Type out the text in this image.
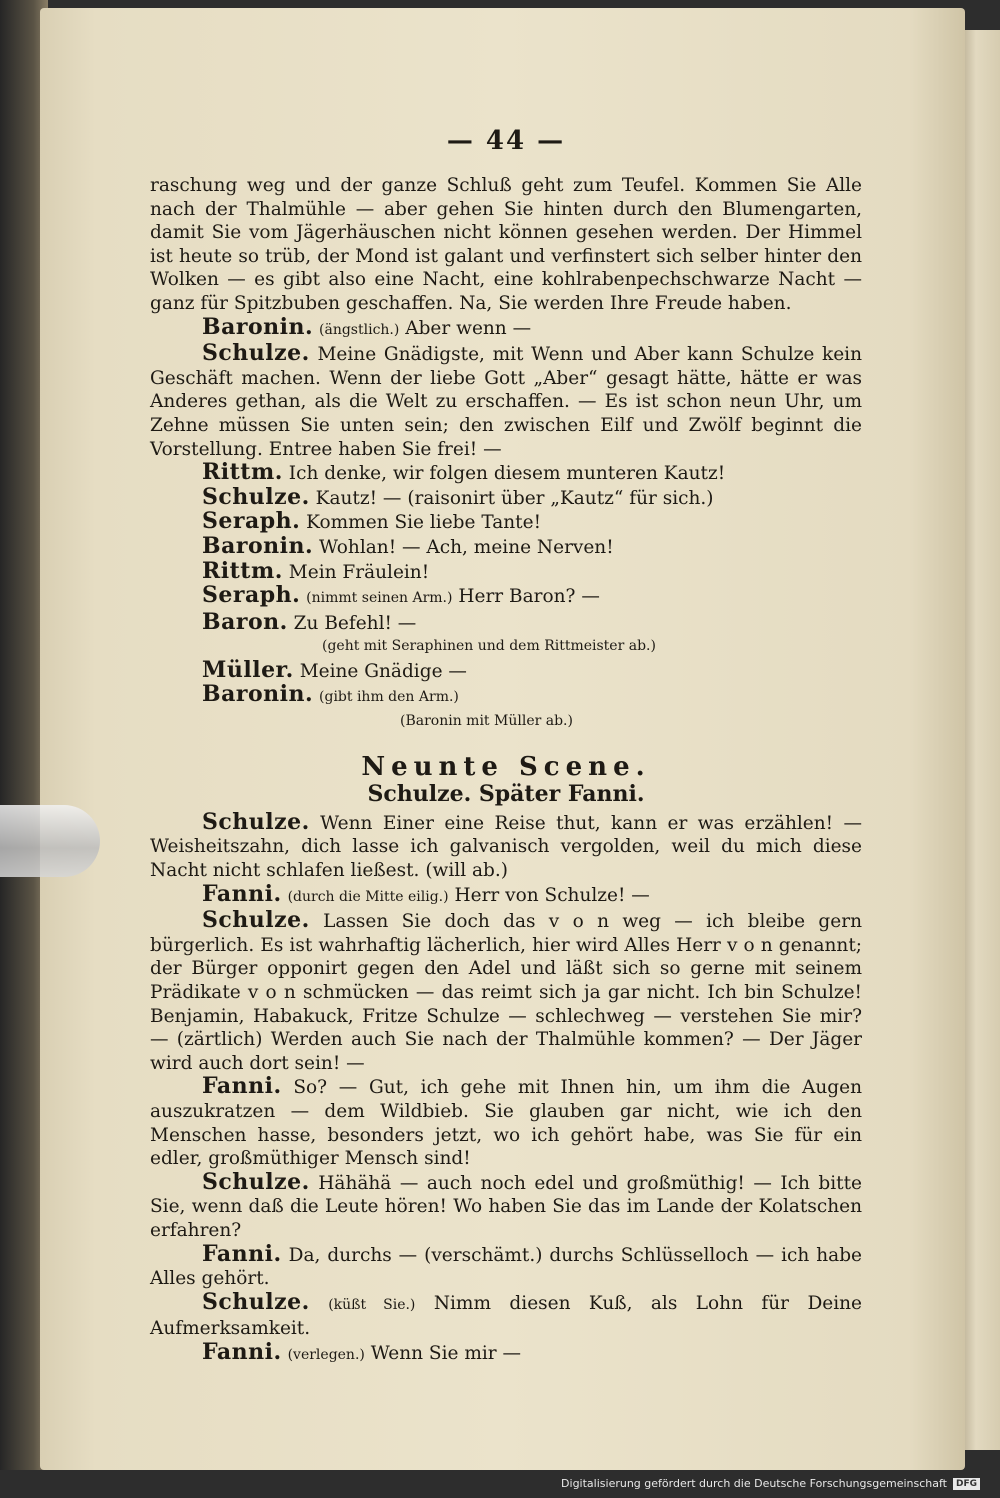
— 44 —

raschung weg und der ganze Schluß geht zum Teufel. Kommen Sie Alle nach der Thalmühle — aber gehen Sie hinten durch den Blumengarten, damit Sie vom Jägerhäuschen nicht können gesehen werden. Der Himmel ist heute so trüb, der Mond ist galant und verfinstert sich selber hinter den Wolken — es gibt also eine Nacht, eine kohlrabenpechschwarze Nacht — ganz für Spitzbuben geschaffen. Na, Sie werden Ihre Freude haben.

Baronin. (ängstlich.) Aber wenn —

Schulze. Meine Gnädigste, mit Wenn und Aber kann Schulze kein Geschäft machen. Wenn der liebe Gott „Aber“ gesagt hätte, hätte er was Anderes gethan, als die Welt zu erschaffen. — Es ist schon neun Uhr, um Zehne müssen Sie unten sein; den zwischen Eilf und Zwölf beginnt die Vorstellung. Entree haben Sie frei! —

Rittm. Ich denke, wir folgen diesem munteren Kautz!

Schulze. Kautz! — (raisonirt über „Kautz“ für sich.)

Seraph. Kommen Sie liebe Tante!

Baronin. Wohlan! — Ach, meine Nerven!

Rittm. Mein Fräulein!

Seraph. (nimmt seinen Arm.) Herr Baron? —

Baron. Zu Befehl! —

(geht mit Seraphinen und dem Rittmeister ab.)

Müller. Meine Gnädige —

Baronin. (gibt ihm den Arm.)

(Baronin mit Müller ab.)

Neunte Scene.
Schulze. Später Fanni.

Schulze. Wenn Einer eine Reise thut, kann er was erzählen! — Weisheitszahn, dich lasse ich galvanisch vergolden, weil du mich diese Nacht nicht schlafen ließest. (will ab.)

Fanni. (durch die Mitte eilig.) Herr von Schulze! —

Schulze. Lassen Sie doch das v o n weg — ich bleibe gern bürgerlich. Es ist wahrhaftig lächerlich, hier wird Alles Herr v o n genannt; der Bürger opponirt gegen den Adel und läßt sich so gerne mit seinem Prädikate v o n schmücken — das reimt sich ja gar nicht. Ich bin Schulze! Benjamin, Habakuck, Fritze Schulze — schlechweg — verstehen Sie mir? — (zärtlich) Werden auch Sie nach der Thalmühle kommen? — Der Jäger wird auch dort sein! —

Fanni. So? — Gut, ich gehe mit Ihnen hin, um ihm die Augen auszukratzen — dem Wildbieb. Sie glauben gar nicht, wie ich den Menschen hasse, besonders jetzt, wo ich gehört habe, was Sie für ein edler, großmüthiger Mensch sind!

Schulze. Hähähä — auch noch edel und großmüthig! — Ich bitte Sie, wenn daß die Leute hören! Wo haben Sie das im Lande der Kolatschen erfahren?

Fanni. Da, durchs — (verschämt.) durchs Schlüsselloch — ich habe Alles gehört.

Schulze. (küßt Sie.) Nimm diesen Kuß, als Lohn für Deine Aufmerksamkeit.

Fanni. (verlegen.) Wenn Sie mir —

Digitalisierung gefördert durch die Deutsche Forschungsgemeinschaft	DFG
